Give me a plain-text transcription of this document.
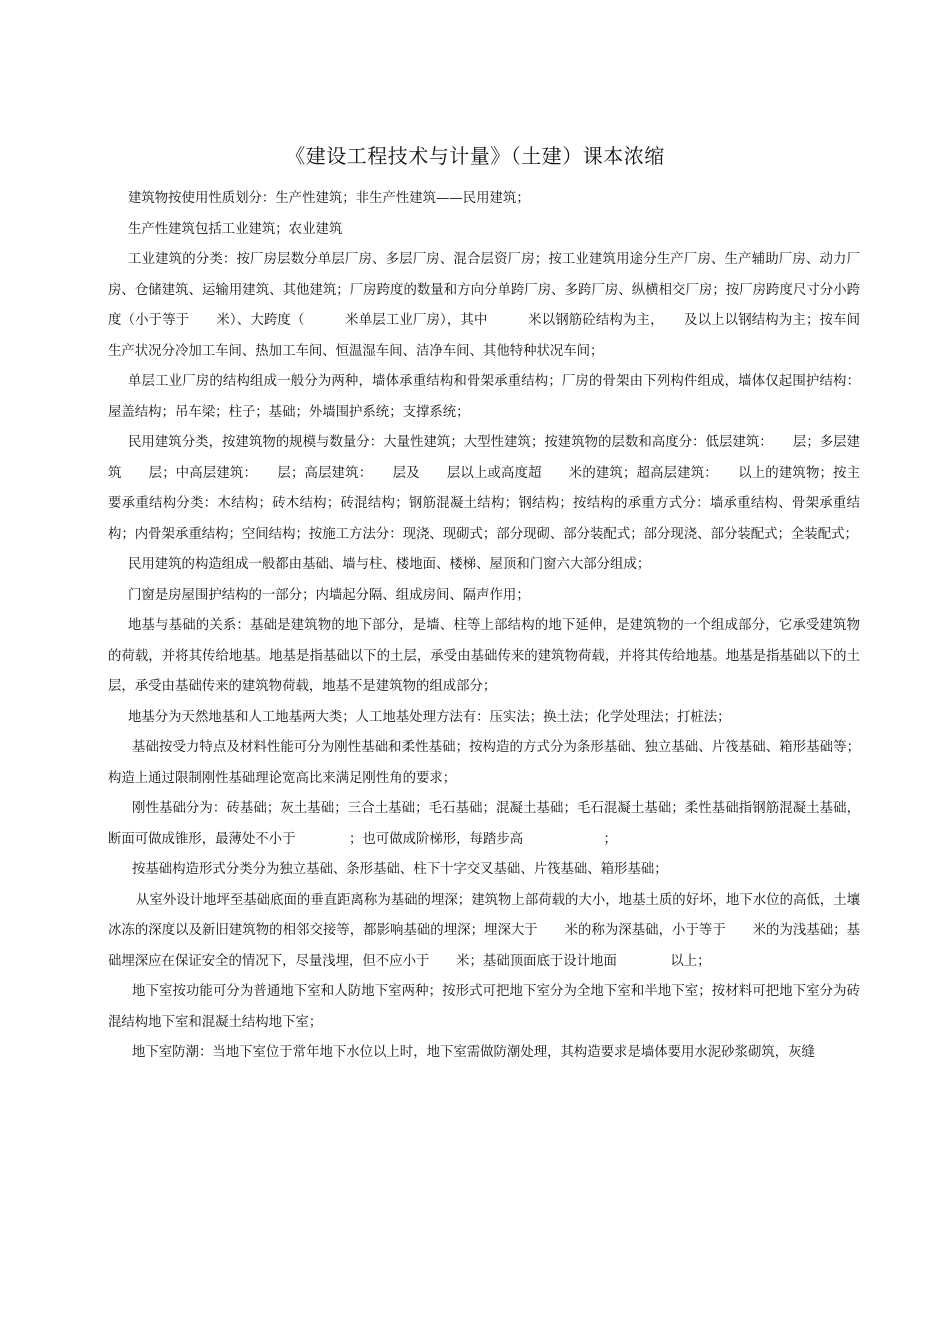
《建设工程技术与计量》（土建）课本浓缩

建筑物按使用性质划分：生产性建筑；非生产性建筑——民用建筑；

生产性建筑包括工业建筑；农业建筑

工业建筑的分类：按厂房层数分单层厂房、多层厂房、混合层资厂房；按工业建筑用途分生产厂房、生产辅助厂房、动力厂房、仓储建筑、运输用建筑、其他建筑；厂房跨度的数量和方向分单跨厂房、多跨厂房、纵横相交厂房；按厂房跨度尺寸分小跨度（小于等于　　米）、大跨度（　　　米单层工业厂房），其中　　　米以钢筋砼结构为主，　　及以上以钢结构为主；按车间生产状况分冷加工车间、热加工车间、恒温湿车间、洁净车间、其他特种状况车间；

单层工业厂房的结构组成一般分为两种，墙体承重结构和骨架承重结构；厂房的骨架由下列构件组成，墙体仅起围护结构：屋盖结构；吊车梁；柱子；基础；外墙围护系统；支撑系统；

民用建筑分类，按建筑物的规模与数量分：大量性建筑；大型性建筑；按建筑物的层数和高度分：低层建筑：　　层；多层建筑　　层；中高层建筑：　　层；高层建筑：　　层及　　层以上或高度超　　米的建筑；超高层建筑：　　以上的建筑物；按主要承重结构分类：木结构；砖木结构；砖混结构；钢筋混凝土结构；钢结构；按结构的承重方式分：墙承重结构、骨架承重结构；内骨架承重结构；空间结构；按施工方法分：现浇、现砌式；部分现砌、部分装配式；部分现浇、部分装配式；全装配式；

民用建筑的构造组成一般都由基础、墙与柱、楼地面、楼梯、屋顶和门窗六大部分组成；

门窗是房屋围护结构的一部分；内墙起分隔、组成房间、隔声作用；

地基与基础的关系：基础是建筑物的地下部分，是墙、柱等上部结构的地下延伸，是建筑物的一个组成部分，它承受建筑物的荷载，并将其传给地基。地基是指基础以下的土层，承受由基础传来的建筑物荷载，并将其传给地基。地基是指基础以下的土层，承受由基础传来的建筑物荷载，地基不是建筑物的组成部分；

地基分为天然地基和人工地基两大类；人工地基处理方法有：压实法；换土法；化学处理法；打桩法；

基础按受力特点及材料性能可分为刚性基础和柔性基础；按构造的方式分为条形基础、独立基础、片筏基础、箱形基础等；构造上通过限制刚性基础理论宽高比来满足刚性角的要求；

刚性基础分为：砖基础；灰土基础；三合土基础；毛石基础；混凝土基础；毛石混凝土基础；柔性基础指钢筋混凝土基础，断面可做成锥形，最薄处不小于　　　　；也可做成阶梯形，每踏步高　　　　　　；

按基础构造形式分类分为独立基础、条形基础、柱下十字交叉基础、片筏基础、箱形基础；

从室外设计地坪至基础底面的垂直距离称为基础的埋深；建筑物上部荷载的大小，地基土质的好坏，地下水位的高低，土壤冰冻的深度以及新旧建筑物的相邻交接等，都影响基础的埋深；埋深大于　　米的称为深基础，小于等于　　米的为浅基础；基础埋深应在保证安全的情况下，尽量浅埋，但不应小于　　米；基础顶面底于设计地面　　　　以上；

地下室按功能可分为普通地下室和人防地下室两种；按形式可把地下室分为全地下室和半地下室；按材料可把地下室分为砖混结构地下室和混凝土结构地下室；

地下室防潮：当地下室位于常年地下水位以上时，地下室需做防潮处理，其构造要求是墙体要用水泥砂浆砌筑，灰缝
